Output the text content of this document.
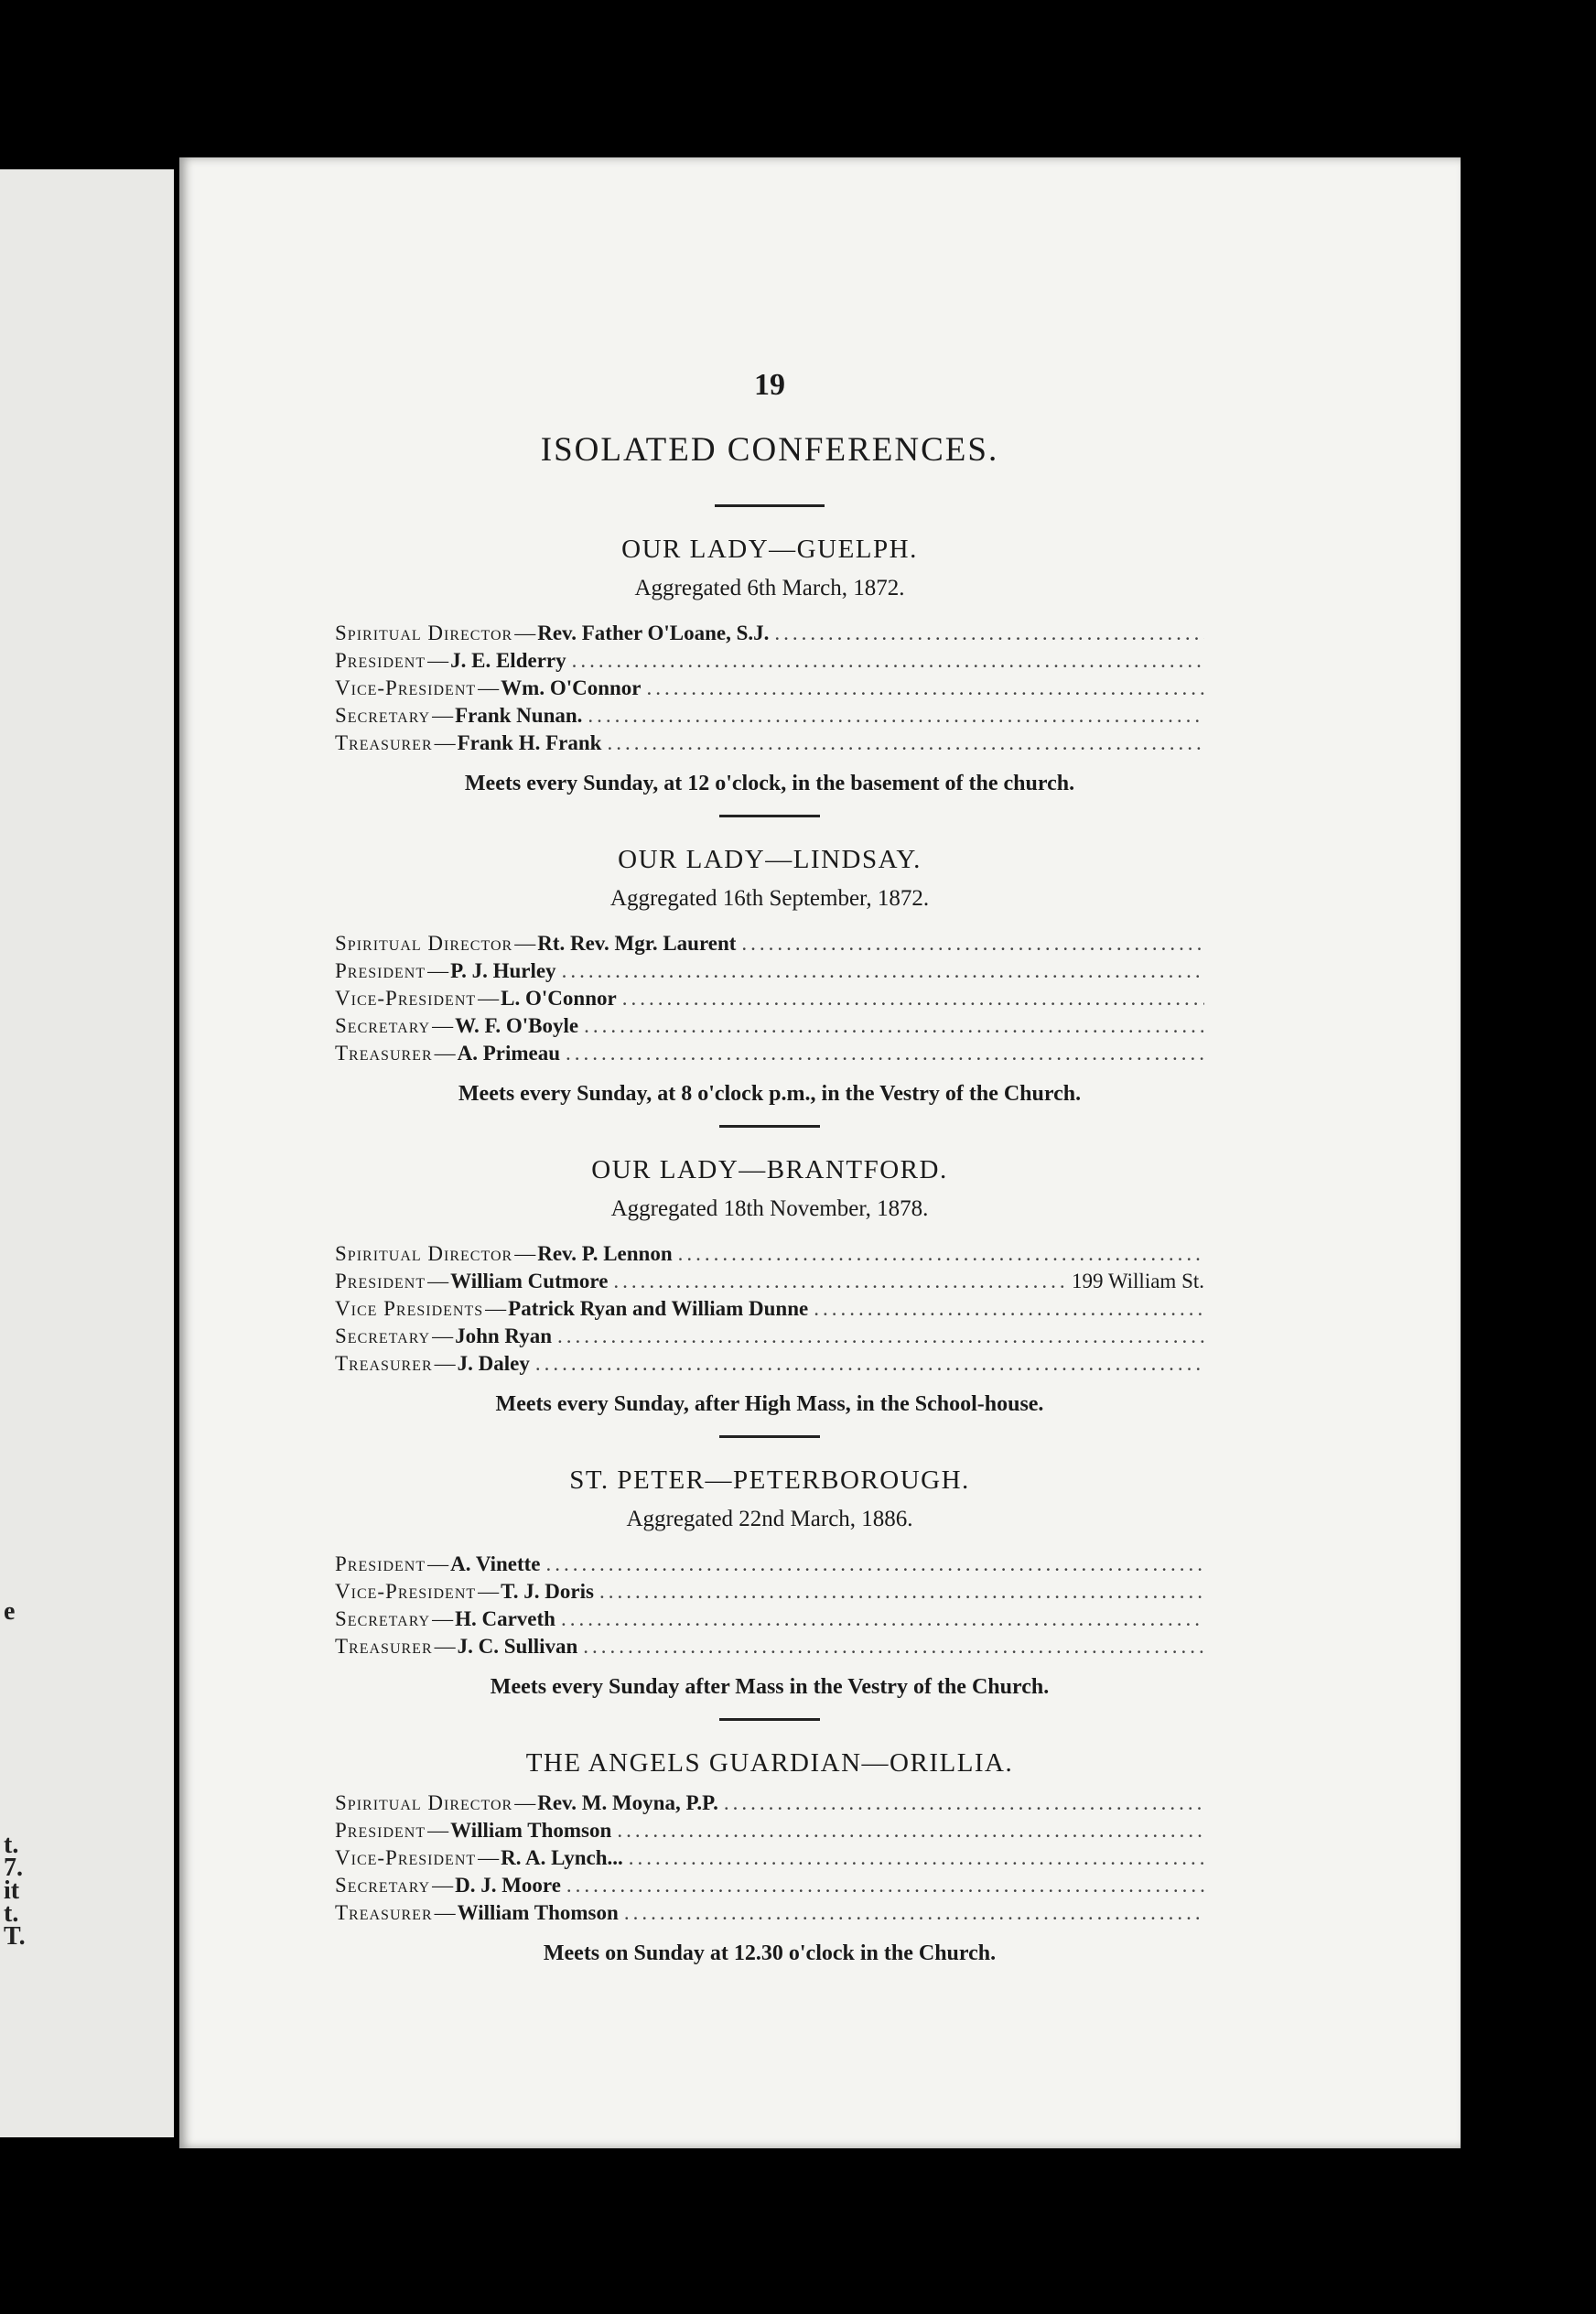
e
t.
7.
it
t.
T.
19
ISOLATED CONFERENCES.
OUR LADY—GUELPH.
Aggregated 6th March, 1872.
Spiritual Director — Rev. Father O'Loane, S.J.
.....
President — J. E. Elderry
.....
Vice-President — Wm. O'Connor
.....
Secretary — Frank Nunan.
.....
Treasurer — Frank H. Frank
.....
Meets every Sunday, at 12 o'clock, in the basement of the church.
OUR LADY—LINDSAY.
Aggregated 16th September, 1872.
Spiritual Director — Rt. Rev. Mgr. Laurent
.....
President — P. J. Hurley
.....
Vice-President — L. O'Connor
.....
Secretary — W. F. O'Boyle
.....
Treasurer — A. Primeau
.....
Meets every Sunday, at 8 o'clock p.m., in the Vestry of the Church.
OUR LADY—BRANTFORD.
Aggregated 18th November, 1878.
Spiritual Director — Rev. P. Lennon
.....
President — William Cutmore
.....	199 William St.
Vice Presidents — Patrick Ryan and William Dunne
.....
Secretary — John Ryan
.....
Treasurer — J. Daley
.....
Meets every Sunday, after High Mass, in the School-house.
ST. PETER—PETERBOROUGH.
Aggregated 22nd March, 1886.
President — A. Vinette
.....
Vice-President — T. J. Doris
.....
Secretary — H. Carveth
.....
Treasurer — J. C. Sullivan
.....
Meets every Sunday after Mass in the Vestry of the Church.
THE ANGELS GUARDIAN—ORILLIA.
Spiritual Director — Rev. M. Moyna, P.P.
.....
President — William Thomson
.....
Vice-President — R. A. Lynch...
.....
Secretary — D. J. Moore
.....
Treasurer — William Thomson
.....
Meets on Sunday at 12.30 o'clock in the Church.
